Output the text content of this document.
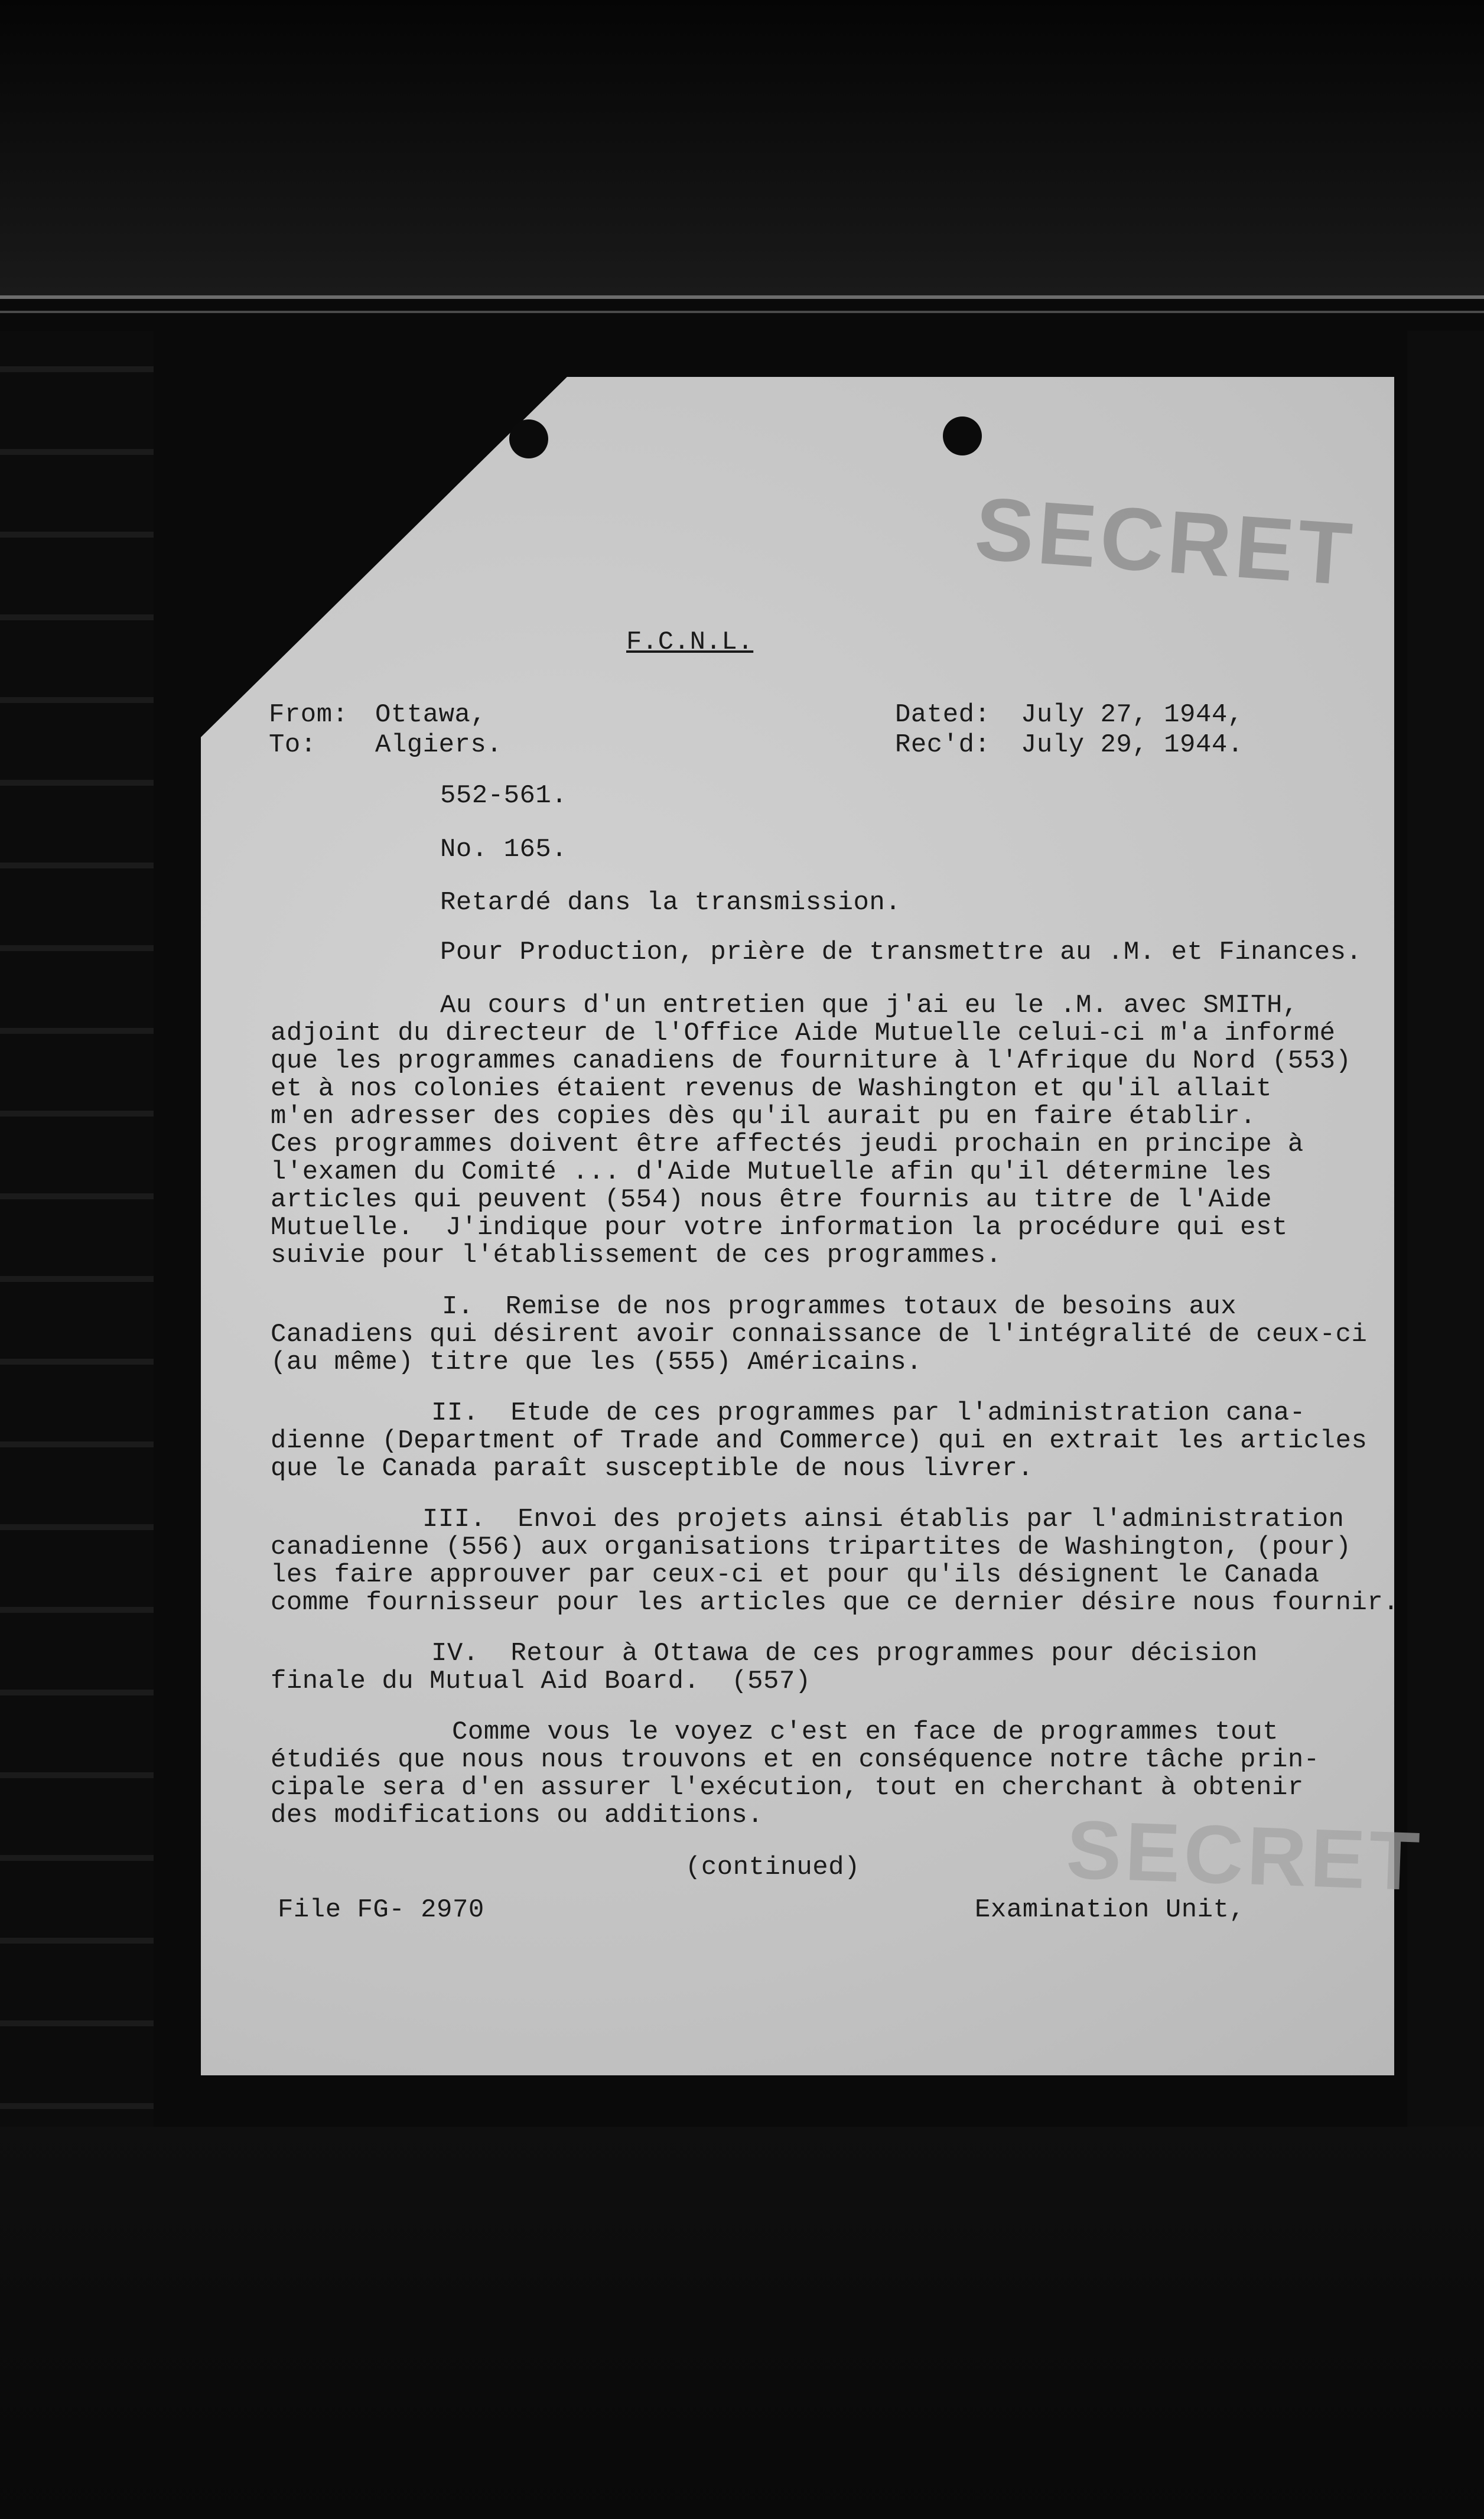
SECRET
SECRET
F.C.N.L.
From: Ottawa,
To: Algiers.
Dated: July 27, 1944,
Rec'd: July 29, 1944.
552-561.
No. 165.
Retardé dans la transmission.
Pour Production, prière de transmettre au .M. et Finances.
Au cours d'un entretien que j'ai eu le .M. avec SMITH,
adjoint du directeur de l'Office Aide Mutuelle celui-ci m'a informé
que les programmes canadiens de fourniture à l'Afrique du Nord (553)
et à nos colonies étaient revenus de Washington et qu'il allait
m'en adresser des copies dès qu'il aurait pu en faire établir.
Ces programmes doivent être affectés jeudi prochain en principe à
l'examen du Comité ... d'Aide Mutuelle afin qu'il détermine les
articles qui peuvent (554) nous être fournis au titre de l'Aide
Mutuelle.  J'indique pour votre information la procédure qui est
suivie pour l'établissement de ces programmes.
I.  Remise de nos programmes totaux de besoins aux
Canadiens qui désirent avoir connaissance de l'intégralité de ceux-ci
(au même) titre que les (555) Américains.
II.  Etude de ces programmes par l'administration cana-
dienne (Department of Trade and Commerce) qui en extrait les articles
que le Canada paraît susceptible de nous livrer.
III.  Envoi des projets ainsi établis par l'administration
canadienne (556) aux organisations tripartites de Washington, (pour)
les faire approuver par ceux-ci et pour qu'ils désignent le Canada
comme fournisseur pour les articles que ce dernier désire nous fournir.
IV.  Retour à Ottawa de ces programmes pour décision
finale du Mutual Aid Board.  (557)
Comme vous le voyez c'est en face de programmes tout
étudiés que nous nous trouvons et en conséquence notre tâche prin-
cipale sera d'en assurer l'exécution, tout en cherchant à obtenir
des modifications ou additions.
(continued)
File FG- 2970	Examination Unit,
